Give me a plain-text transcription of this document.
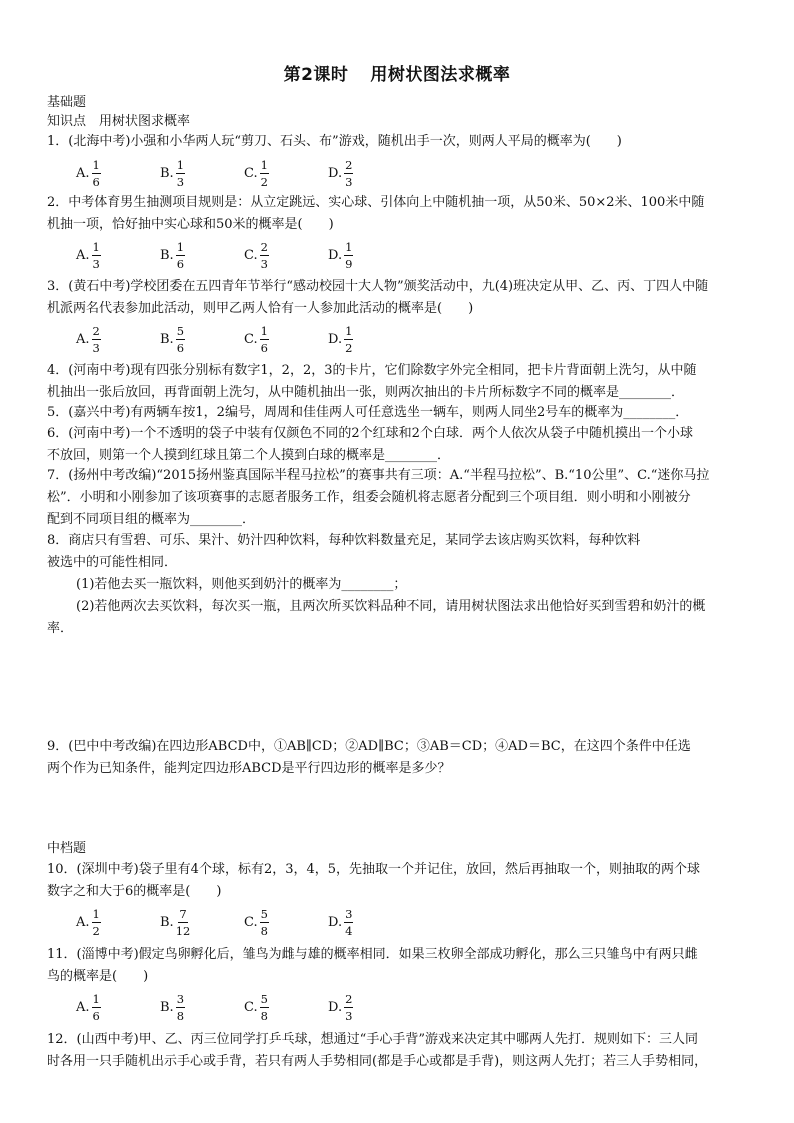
第2课时 用树状图法求概率
基础题
知识点　用树状图求概率
1．(北海中考)小强和小华两人玩“剪刀、石头、布”游戏，随机出手一次，则两人平局的概率为(　　)
A. $\frac{1}{6}$	B. $\frac{1}{3}$	C. $\frac{1}{2}$	D. $\frac{2}{3}$
2．中考体育男生抽测项目规则是：从立定跳远、实心球、引体向上中随机抽一项，从50米、50×2米、100米中随
机抽一项，恰好抽中实心球和50米的概率是(　　)
A. $\frac{1}{3}$	B. $\frac{1}{6}$	C. $\frac{2}{3}$	D. $\frac{1}{9}$
3．(黄石中考)学校团委在五四青年节举行“感动校园十大人物”颁奖活动中，九(4)班决定从甲、乙、丙、丁四人中随
机派两名代表参加此活动，则甲乙两人恰有一人参加此活动的概率是(　　)
A. $\frac{2}{3}$	B. $\frac{5}{6}$	C. $\frac{1}{6}$	D. $\frac{1}{2}$
4．(河南中考)现有四张分别标有数字1，2，2，3的卡片，它们除数字外完全相同，把卡片背面朝上洗匀，从中随
机抽出一张后放回，再背面朝上洗匀，从中随机抽出一张，则两次抽出的卡片所标数字不同的概率是________．
5．(嘉兴中考)有两辆车按1，2编号，周周和佳佳两人可任意选坐一辆车，则两人同坐2号车的概率为________．
6．(河南中考)一个不透明的袋子中装有仅颜色不同的2个红球和2个白球．两个人依次从袋子中随机摸出一个小球
不放回，则第一个人摸到红球且第二个人摸到白球的概率是________．
7．(扬州中考改编)“2015扬州鉴真国际半程马拉松”的赛事共有三项：A.“半程马拉松”、B.“10公里”、C.“迷你马拉
松”．小明和小刚参加了该项赛事的志愿者服务工作，组委会随机将志愿者分配到三个项目组．则小明和小刚被分
配到不同项目组的概率为________．
8．商店只有雪碧、可乐、果汁、奶汁四种饮料，每种饮料数量充足，某同学去该店购买饮料，每种饮料
被选中的可能性相同．
(1)若他去买一瓶饮料，则他买到奶汁的概率为________；
(2)若他两次去买饮料，每次买一瓶，且两次所买饮料品种不同，请用树状图法求出他恰好买到雪碧和奶汁的概
率．
9．(巴中中考改编)在四边形ABCD中，①AB∥CD；②AD∥BC；③AB＝CD；④AD＝BC，在这四个条件中任选
两个作为已知条件，能判定四边形ABCD是平行四边形的概率是多少？
中档题
10．(深圳中考)袋子里有4个球，标有2，3，4，5，先抽取一个并记住，放回，然后再抽取一个，则抽取的两个球
数字之和大于6的概率是(　　)
A. $\frac{1}{2}$	B. $\frac{7}{12}$	C. $\frac{5}{8}$	D. $\frac{3}{4}$
11．(淄博中考)假定鸟卵孵化后，雏鸟为雌与雄的概率相同．如果三枚卵全部成功孵化，那么三只雏鸟中有两只雌
鸟的概率是(　　)
A. $\frac{1}{6}$	B. $\frac{3}{8}$	C. $\frac{5}{8}$	D. $\frac{2}{3}$
12．(山西中考)甲、乙、丙三位同学打乒乓球，想通过“手心手背”游戏来决定其中哪两人先打．规则如下：三人同
时各用一只手随机出示手心或手背，若只有两人手势相同(都是手心或都是手背)，则这两人先打；若三人手势相同，
